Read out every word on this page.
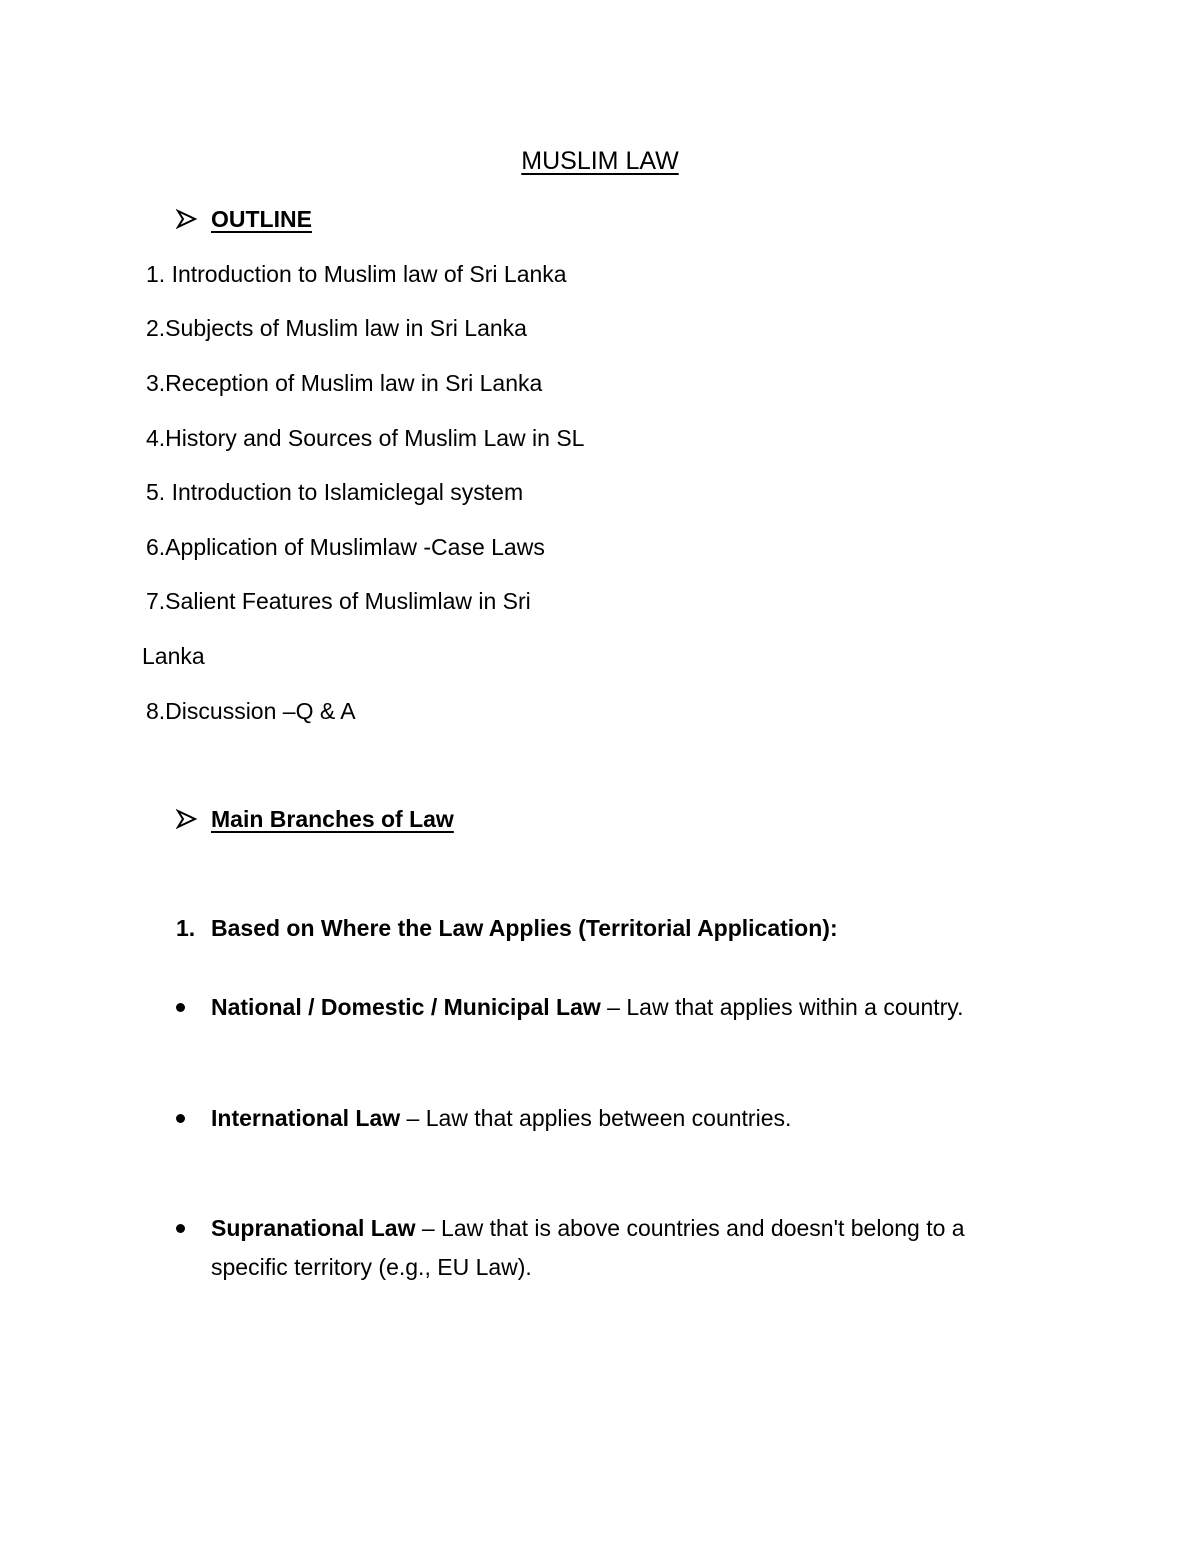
MUSLIM LAW
OUTLINE
1. Introduction to Muslim law of Sri Lanka
2.Subjects of Muslim law in Sri Lanka
3.Reception of Muslim law in Sri Lanka
4.History and Sources of Muslim Law in SL
5. Introduction to Islamiclegal system
6.Application of Muslimlaw -Case Laws
7.Salient Features of Muslimlaw in Sri
Lanka
8.Discussion –Q & A
Main Branches of Law
1. Based on Where the Law Applies (Territorial Application):
National / Domestic / Municipal Law – Law that applies within a country.
International Law – Law that applies between countries.
Supranational Law – Law that is above countries and doesn't belong to a
specific territory (e.g., EU Law).
